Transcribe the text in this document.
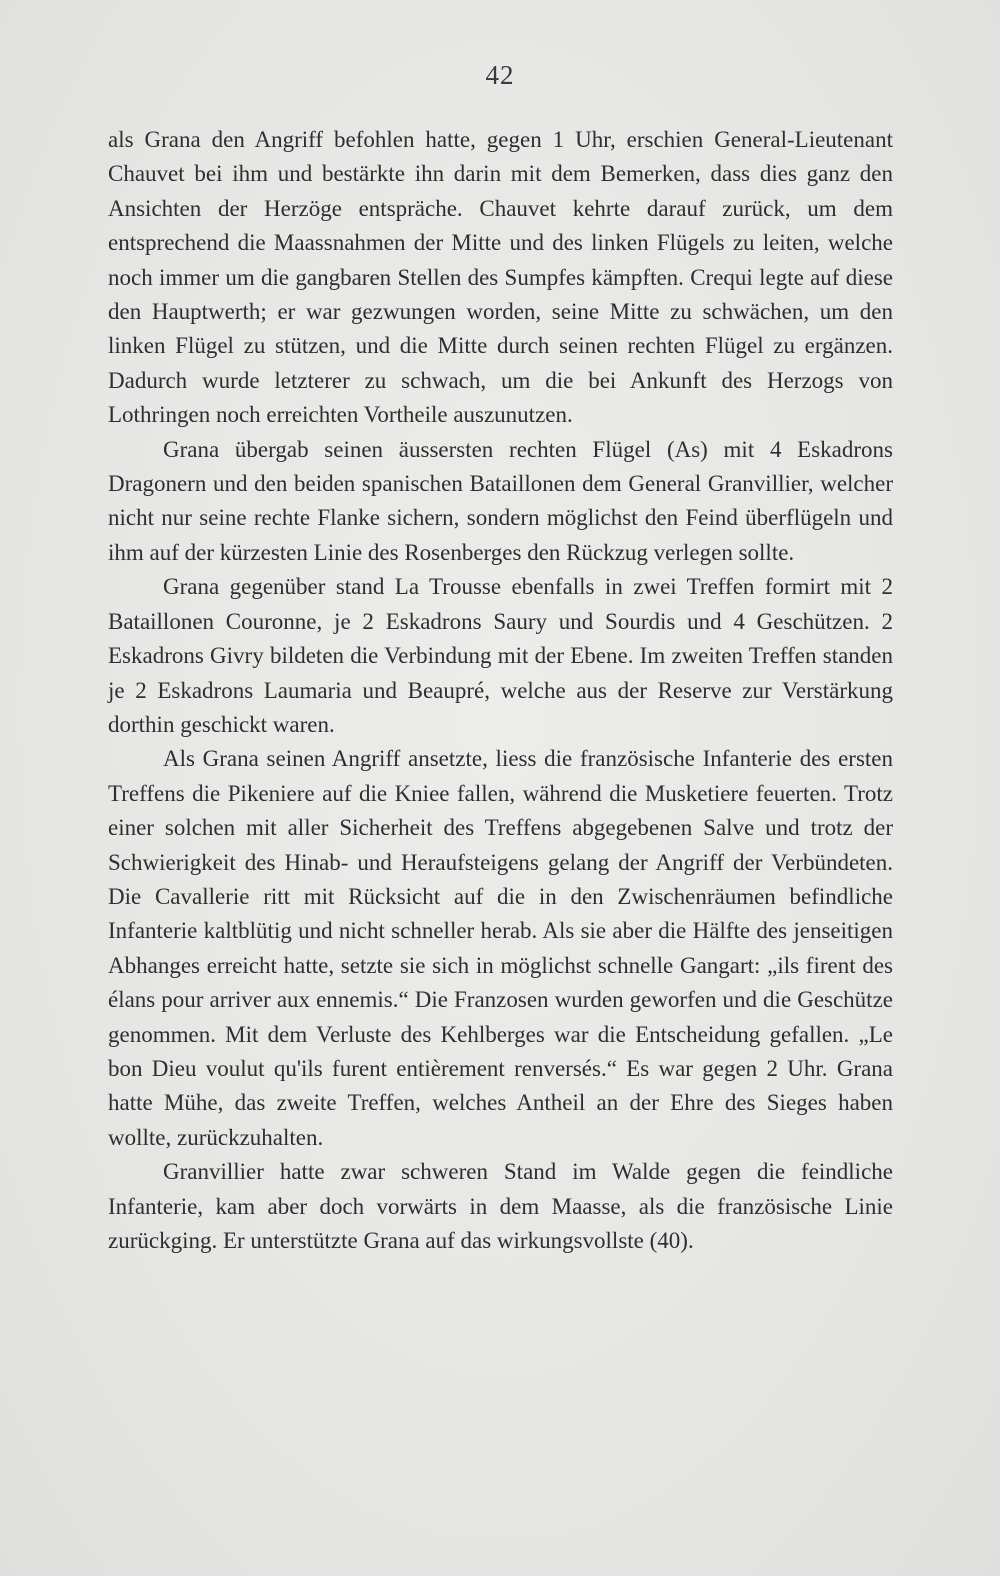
42

als Grana den Angriff befohlen hatte, gegen 1 Uhr, erschien General-Lieutenant Chauvet bei ihm und bestärkte ihn darin mit dem Bemerken, dass dies ganz den Ansichten der Herzöge entspräche. Chauvet kehrte darauf zurück, um dem entsprechend die Maassnahmen der Mitte und des linken Flügels zu leiten, welche noch immer um die gangbaren Stellen des Sumpfes kämpften. Crequi legte auf diese den Hauptwerth; er war gezwungen worden, seine Mitte zu schwächen, um den linken Flügel zu stützen, und die Mitte durch seinen rechten Flügel zu ergänzen. Dadurch wurde letzterer zu schwach, um die bei Ankunft des Herzogs von Lothringen noch erreichten Vortheile auszunutzen.

Grana übergab seinen äussersten rechten Flügel (As) mit 4 Eskadrons Dragonern und den beiden spanischen Bataillonen dem General Granvillier, welcher nicht nur seine rechte Flanke sichern, sondern möglichst den Feind überflügeln und ihm auf der kürzesten Linie des Rosenberges den Rückzug verlegen sollte.

Grana gegenüber stand La Trousse ebenfalls in zwei Treffen formirt mit 2 Bataillonen Couronne, je 2 Eskadrons Saury und Sourdis und 4 Geschützen. 2 Eskadrons Givry bildeten die Verbindung mit der Ebene. Im zweiten Treffen standen je 2 Eskadrons Laumaria und Beaupré, welche aus der Reserve zur Verstärkung dorthin geschickt waren.

Als Grana seinen Angriff ansetzte, liess die französische Infanterie des ersten Treffens die Pikeniere auf die Kniee fallen, während die Musketiere feuerten. Trotz einer solchen mit aller Sicherheit des Treffens abgegebenen Salve und trotz der Schwierigkeit des Hinab- und Heraufsteigens gelang der Angriff der Verbündeten. Die Cavallerie ritt mit Rücksicht auf die in den Zwischenräumen befindliche Infanterie kaltblütig und nicht schneller herab. Als sie aber die Hälfte des jenseitigen Abhanges erreicht hatte, setzte sie sich in möglichst schnelle Gangart: „ils firent des élans pour arriver aux ennemis.“ Die Franzosen wurden geworfen und die Geschütze genommen. Mit dem Verluste des Kehlberges war die Entscheidung gefallen. „Le bon Dieu voulut qu'ils furent entièrement renversés.“ Es war gegen 2 Uhr. Grana hatte Mühe, das zweite Treffen, welches Antheil an der Ehre des Sieges haben wollte, zurückzuhalten.

Granvillier hatte zwar schweren Stand im Walde gegen die feindliche Infanterie, kam aber doch vorwärts in dem Maasse, als die französische Linie zurückging. Er unterstützte Grana auf das wirkungsvollste (40).
